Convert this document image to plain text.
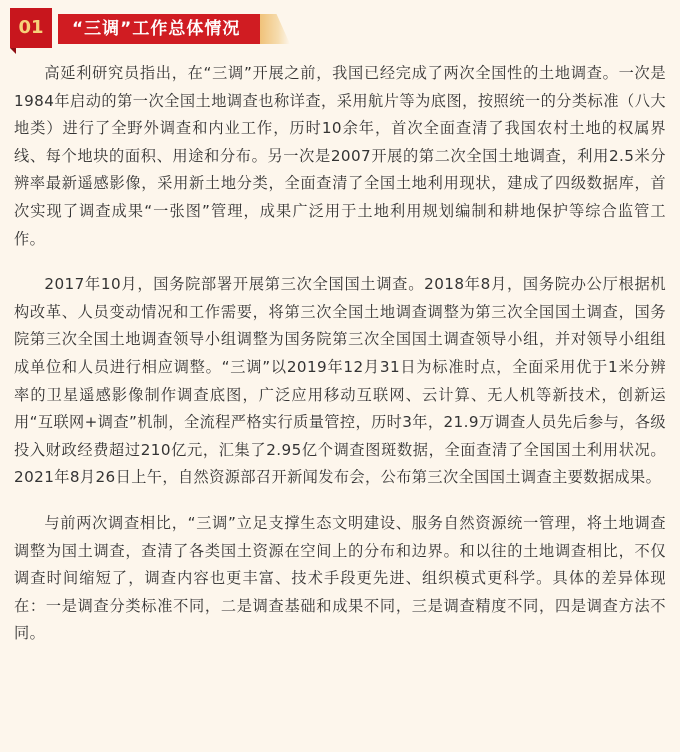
01	“三调”工作总体情况

高延利研究员指出，在“三调”开展之前，我国已经完成了两次全国性的土地调查。一次是1984年启动的第一次全国土地调查也称详查，采用航片等为底图，按照统一的分类标准（八大地类）进行了全野外调查和内业工作，历时10余年，首次全面查清了我国农村土地的权属界线、每个地块的面积、用途和分布。另一次是2007开展的第二次全国土地调查，利用2.5米分辨率最新遥感影像，采用新土地分类，全面查清了全国土地利用现状，建成了四级数据库，首次实现了调查成果“一张图”管理，成果广泛用于土地利用规划编制和耕地保护等综合监管工作。

2017年10月，国务院部署开展第三次全国国土调查。2018年8月，国务院办公厅根据机构改革、人员变动情况和工作需要，将第三次全国土地调查调整为第三次全国国土调查，国务院第三次全国土地调查领导小组调整为国务院第三次全国国土调查领导小组，并对领导小组组成单位和人员进行相应调整。“三调”以2019年12月31日为标准时点，全面采用优于1米分辨率的卫星遥感影像制作调查底图，广泛应用移动互联网、云计算、无人机等新技术，创新运用“互联网+调查”机制，全流程严格实行质量管控，历时3年，21.9万调查人员先后参与，各级投入财政经费超过210亿元，汇集了2.95亿个调查图斑数据，全面查清了全国国土利用状况。2021年8月26日上午，自然资源部召开新闻发布会，公布第三次全国国土调查主要数据成果。

与前两次调查相比，“三调”立足支撑生态文明建设、服务自然资源统一管理，将土地调查调整为国土调查，查清了各类国土资源在空间上的分布和边界。和以往的土地调查相比，不仅调查时间缩短了，调查内容也更丰富、技术手段更先进、组织模式更科学。具体的差异体现在：一是调查分类标准不同，二是调查基础和成果不同，三是调查精度不同，四是调查方法不同。
